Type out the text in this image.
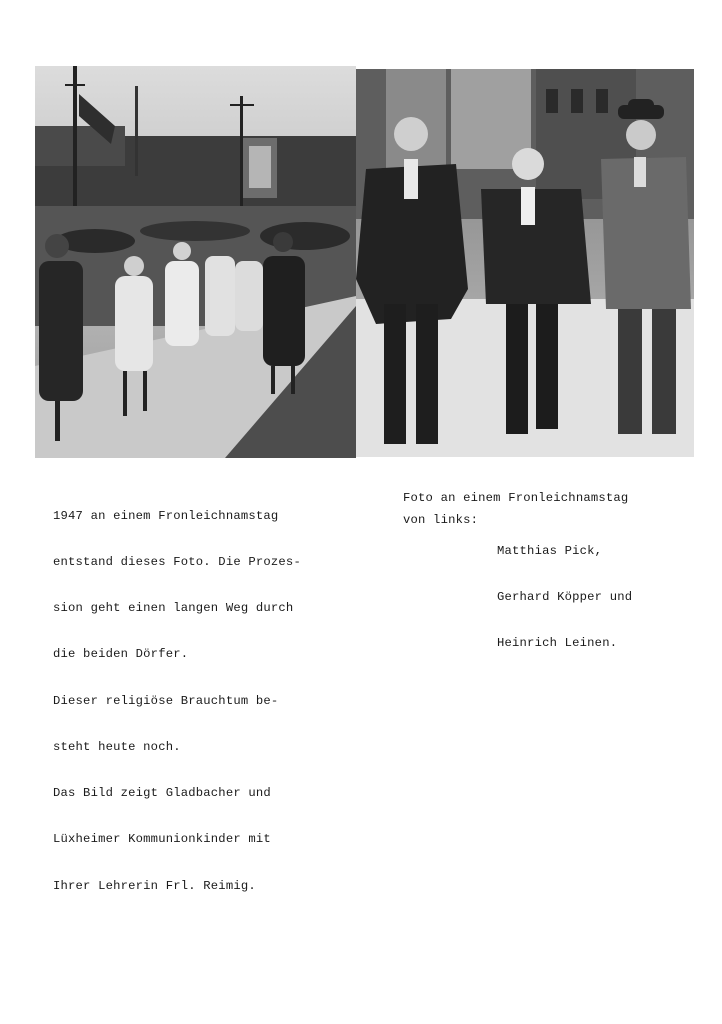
1947 an einem Fronleichnamstag

entstand dieses Foto. Die Prozes-

sion geht einen langen Weg durch

die beiden Dörfer.

Dieser religiöse Brauchtum be-

steht heute noch.

Das Bild zeigt Gladbacher und

Lüxheimer Kommunionkinder mit

Ihrer Lehrerin Frl. Reimig.

Foto an einem Fronleichnamstag

von links:

Matthias Pick,

Gerhard Köpper und

Heinrich Leinen.
